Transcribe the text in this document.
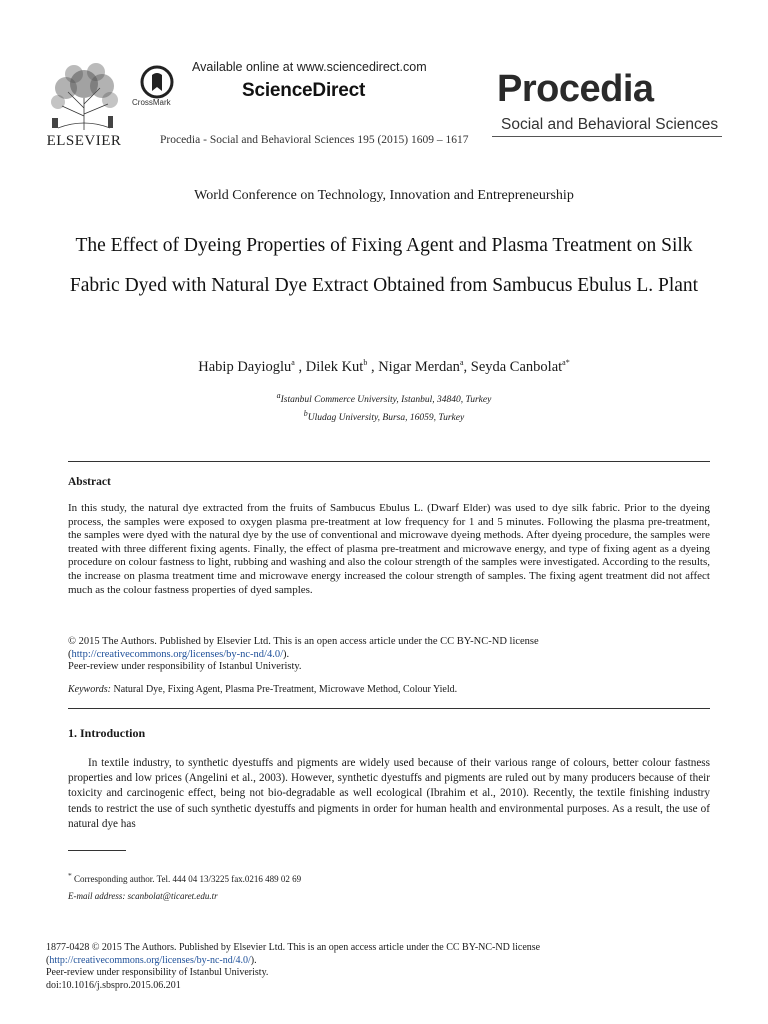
ELSEVIER
CrossMark
Available online at www.sciencedirect.com
ScienceDirect
Procedia - Social and Behavioral Sciences 195 (2015) 1609 – 1617
Procedia
Social and Behavioral Sciences
World Conference on Technology, Innovation and Entrepreneurship
The Effect of Dyeing Properties of Fixing Agent and Plasma Treatment on Silk Fabric Dyed with Natural Dye Extract Obtained from Sambucus Ebulus L. Plant
Habip Dayioglu$^a$ , Dilek Kut$^b$ , Nigar Merdan$^a$, Seyda Canbolat$^{a*}$
$^a$Istanbul Commerce University, Istanbul, 34840, Turkey
$^b$Uludag University, Bursa, 16059, Turkey
Abstract
In this study, the natural dye extracted from the fruits of Sambucus Ebulus L. (Dwarf Elder) was used to dye silk fabric. Prior to the dyeing process, the samples were exposed to oxygen plasma pre-treatment at low frequency for 1 and 5 minutes. Following the plasma pre-treatment, the samples were dyed with the natural dye by the use of conventional and microwave dyeing methods. After dyeing procedure, the samples were treated with three different fixing agents. Finally, the effect of plasma pre-treatment and microwave energy, and type of fixing agent as a dyeing procedure on colour fastness to light, rubbing and washing and also the colour strength of the samples were investigated. According to the results, the increase on plasma treatment time and microwave energy increased the colour strength of samples. The fixing agent treatment did not affect much as the colour fastness properties of dyed samples.
© 2015 The Authors. Published by Elsevier Ltd. This is an open access article under the CC BY-NC-ND license
(http://creativecommons.org/licenses/by-nc-nd/4.0/).
Peer-review under responsibility of Istanbul Univeristy.
Keywords: Natural Dye, Fixing Agent, Plasma Pre-Treatment, Microwave Method, Colour Yield.
1. Introduction
In textile industry, to synthetic dyestuffs and pigments are widely used because of their various range of colours, better colour fastness properties and low prices (Angelini et al., 2003). However, synthetic dyestuffs and pigments are ruled out by many producers because of their toxicity and carcinogenic effect, being not bio-degradable as well ecological (Ibrahim et al., 2010). Recently, the textile finishing industry tends to restrict the use of such synthetic dyestuffs and pigments in order for human health and environmental purposes. As a result, the use of natural dye has
* Corresponding author. Tel. 444 04 13/3225 fax.0216 489 02 69
E-mail address: scanbolat@ticaret.edu.tr
1877-0428 © 2015 The Authors. Published by Elsevier Ltd. This is an open access article under the CC BY-NC-ND license
(http://creativecommons.org/licenses/by-nc-nd/4.0/).
Peer-review under responsibility of Istanbul Univeristy.
doi:10.1016/j.sbspro.2015.06.201
